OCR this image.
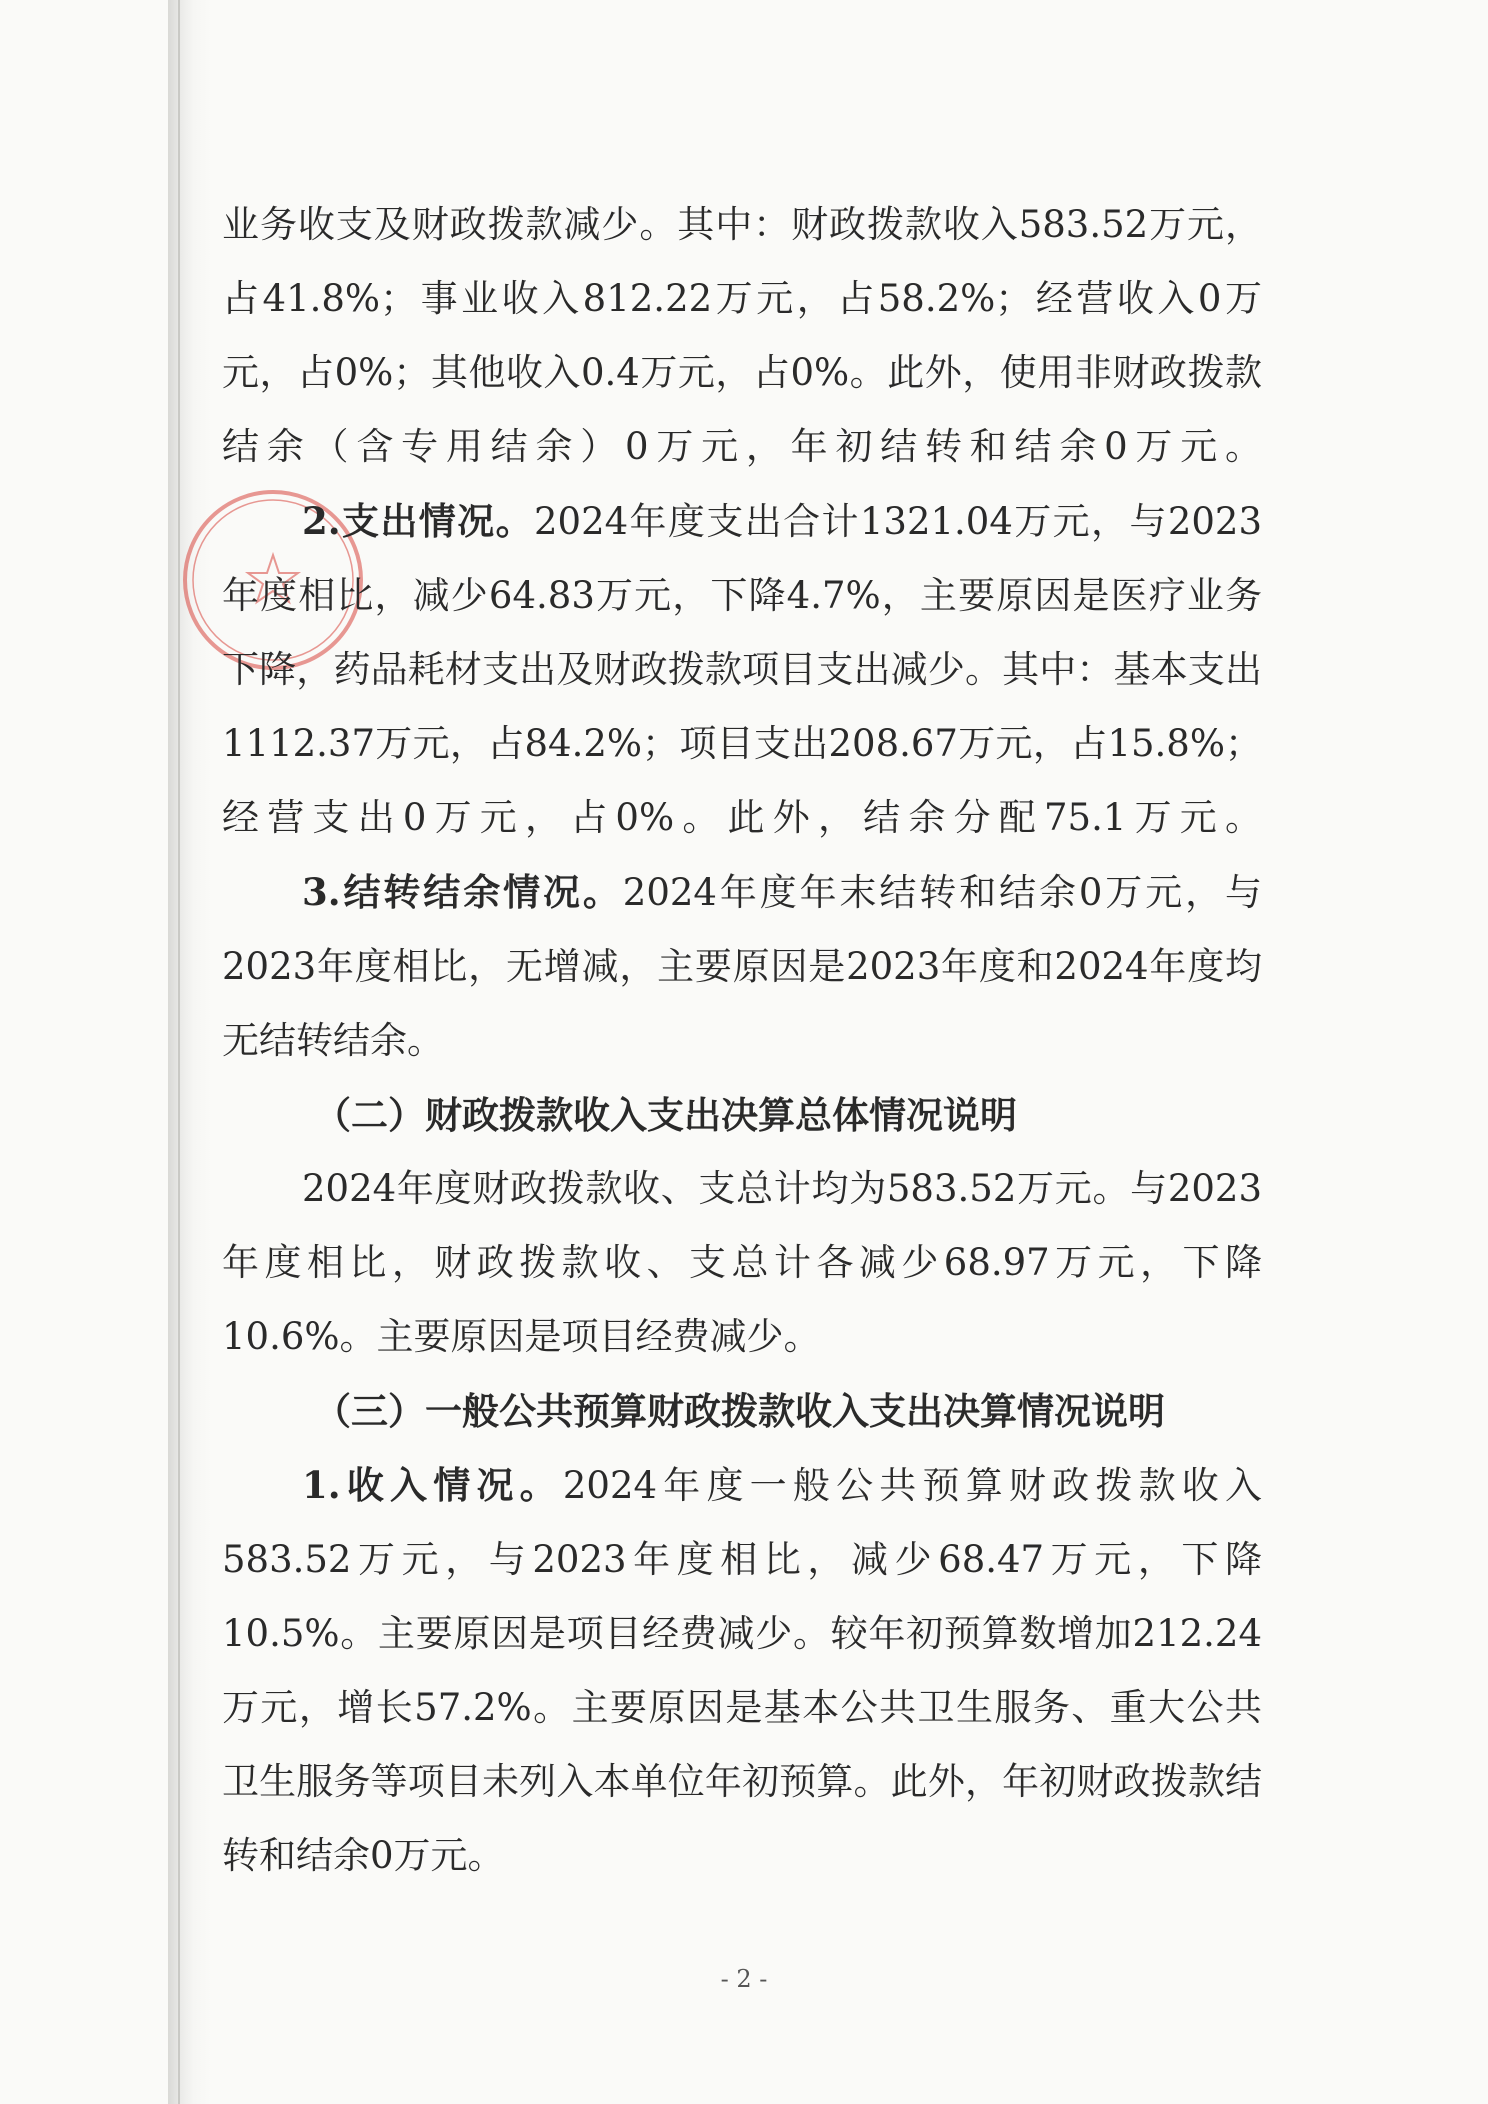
业务收支及财政拨款减少。其中：财政拨款收入583.52万元，占41.8%；事业收入812.22万元，占58.2%；经营收入0万元，占0%；其他收入0.4万元，占0%。此外，使用非财政拨款结余（含专用结余）0万元，年初结转和结余0万元。

2.支出情况。2024年度支出合计1321.04万元，与2023年度相比，减少64.83万元，下降4.7%，主要原因是医疗业务下降，药品耗材支出及财政拨款项目支出减少。其中：基本支出1112.37万元，占84.2%；项目支出208.67万元，占15.8%；经营支出0万元，占0%。此外，结余分配75.1万元。

3.结转结余情况。2024年度年末结转和结余0万元，与2023年度相比，无增减，主要原因是2023年度和2024年度均无结转结余。

（二）财政拨款收入支出决算总体情况说明

2024年度财政拨款收、支总计均为583.52万元。与2023年度相比，财政拨款收、支总计各减少68.97万元，下降10.6%。主要原因是项目经费减少。

（三）一般公共预算财政拨款收入支出决算情况说明

1.收入情况。2024年度一般公共预算财政拨款收入583.52万元，与2023年度相比，减少68.47万元，下降10.5%。主要原因是项目经费减少。较年初预算数增加212.24万元，增长57.2%。主要原因是基本公共卫生服务、重大公共卫生服务等项目未列入本单位年初预算。此外，年初财政拨款结转和结余0万元。

- 2 -
